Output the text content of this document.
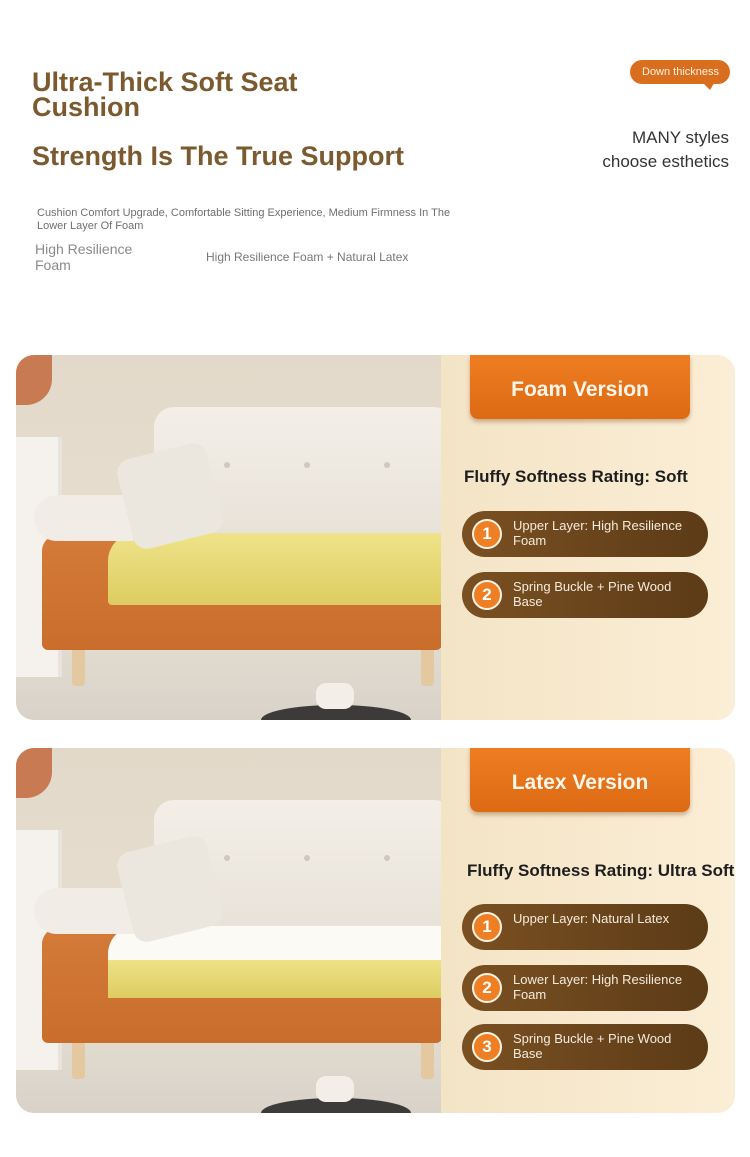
Ultra-Thick Soft Seat Cushion
Strength Is The True Support
Down thickness
MANY styles
choose esthetics
Cushion Comfort Upgrade, Comfortable Sitting Experience, Medium Firmness In The Lower Layer Of Foam
High Resilience Foam	High Resilience Foam + Natural Latex
Foam Version
Fluffy Softness Rating: Soft
1	Upper Layer: High Resilience Foam
2	Spring Buckle + Pine Wood Base
Latex Version
Fluffy Softness Rating: Ultra Soft
1	Upper Layer: Natural Latex
2	Lower Layer: High Resilience Foam
3	Spring Buckle + Pine Wood Base
